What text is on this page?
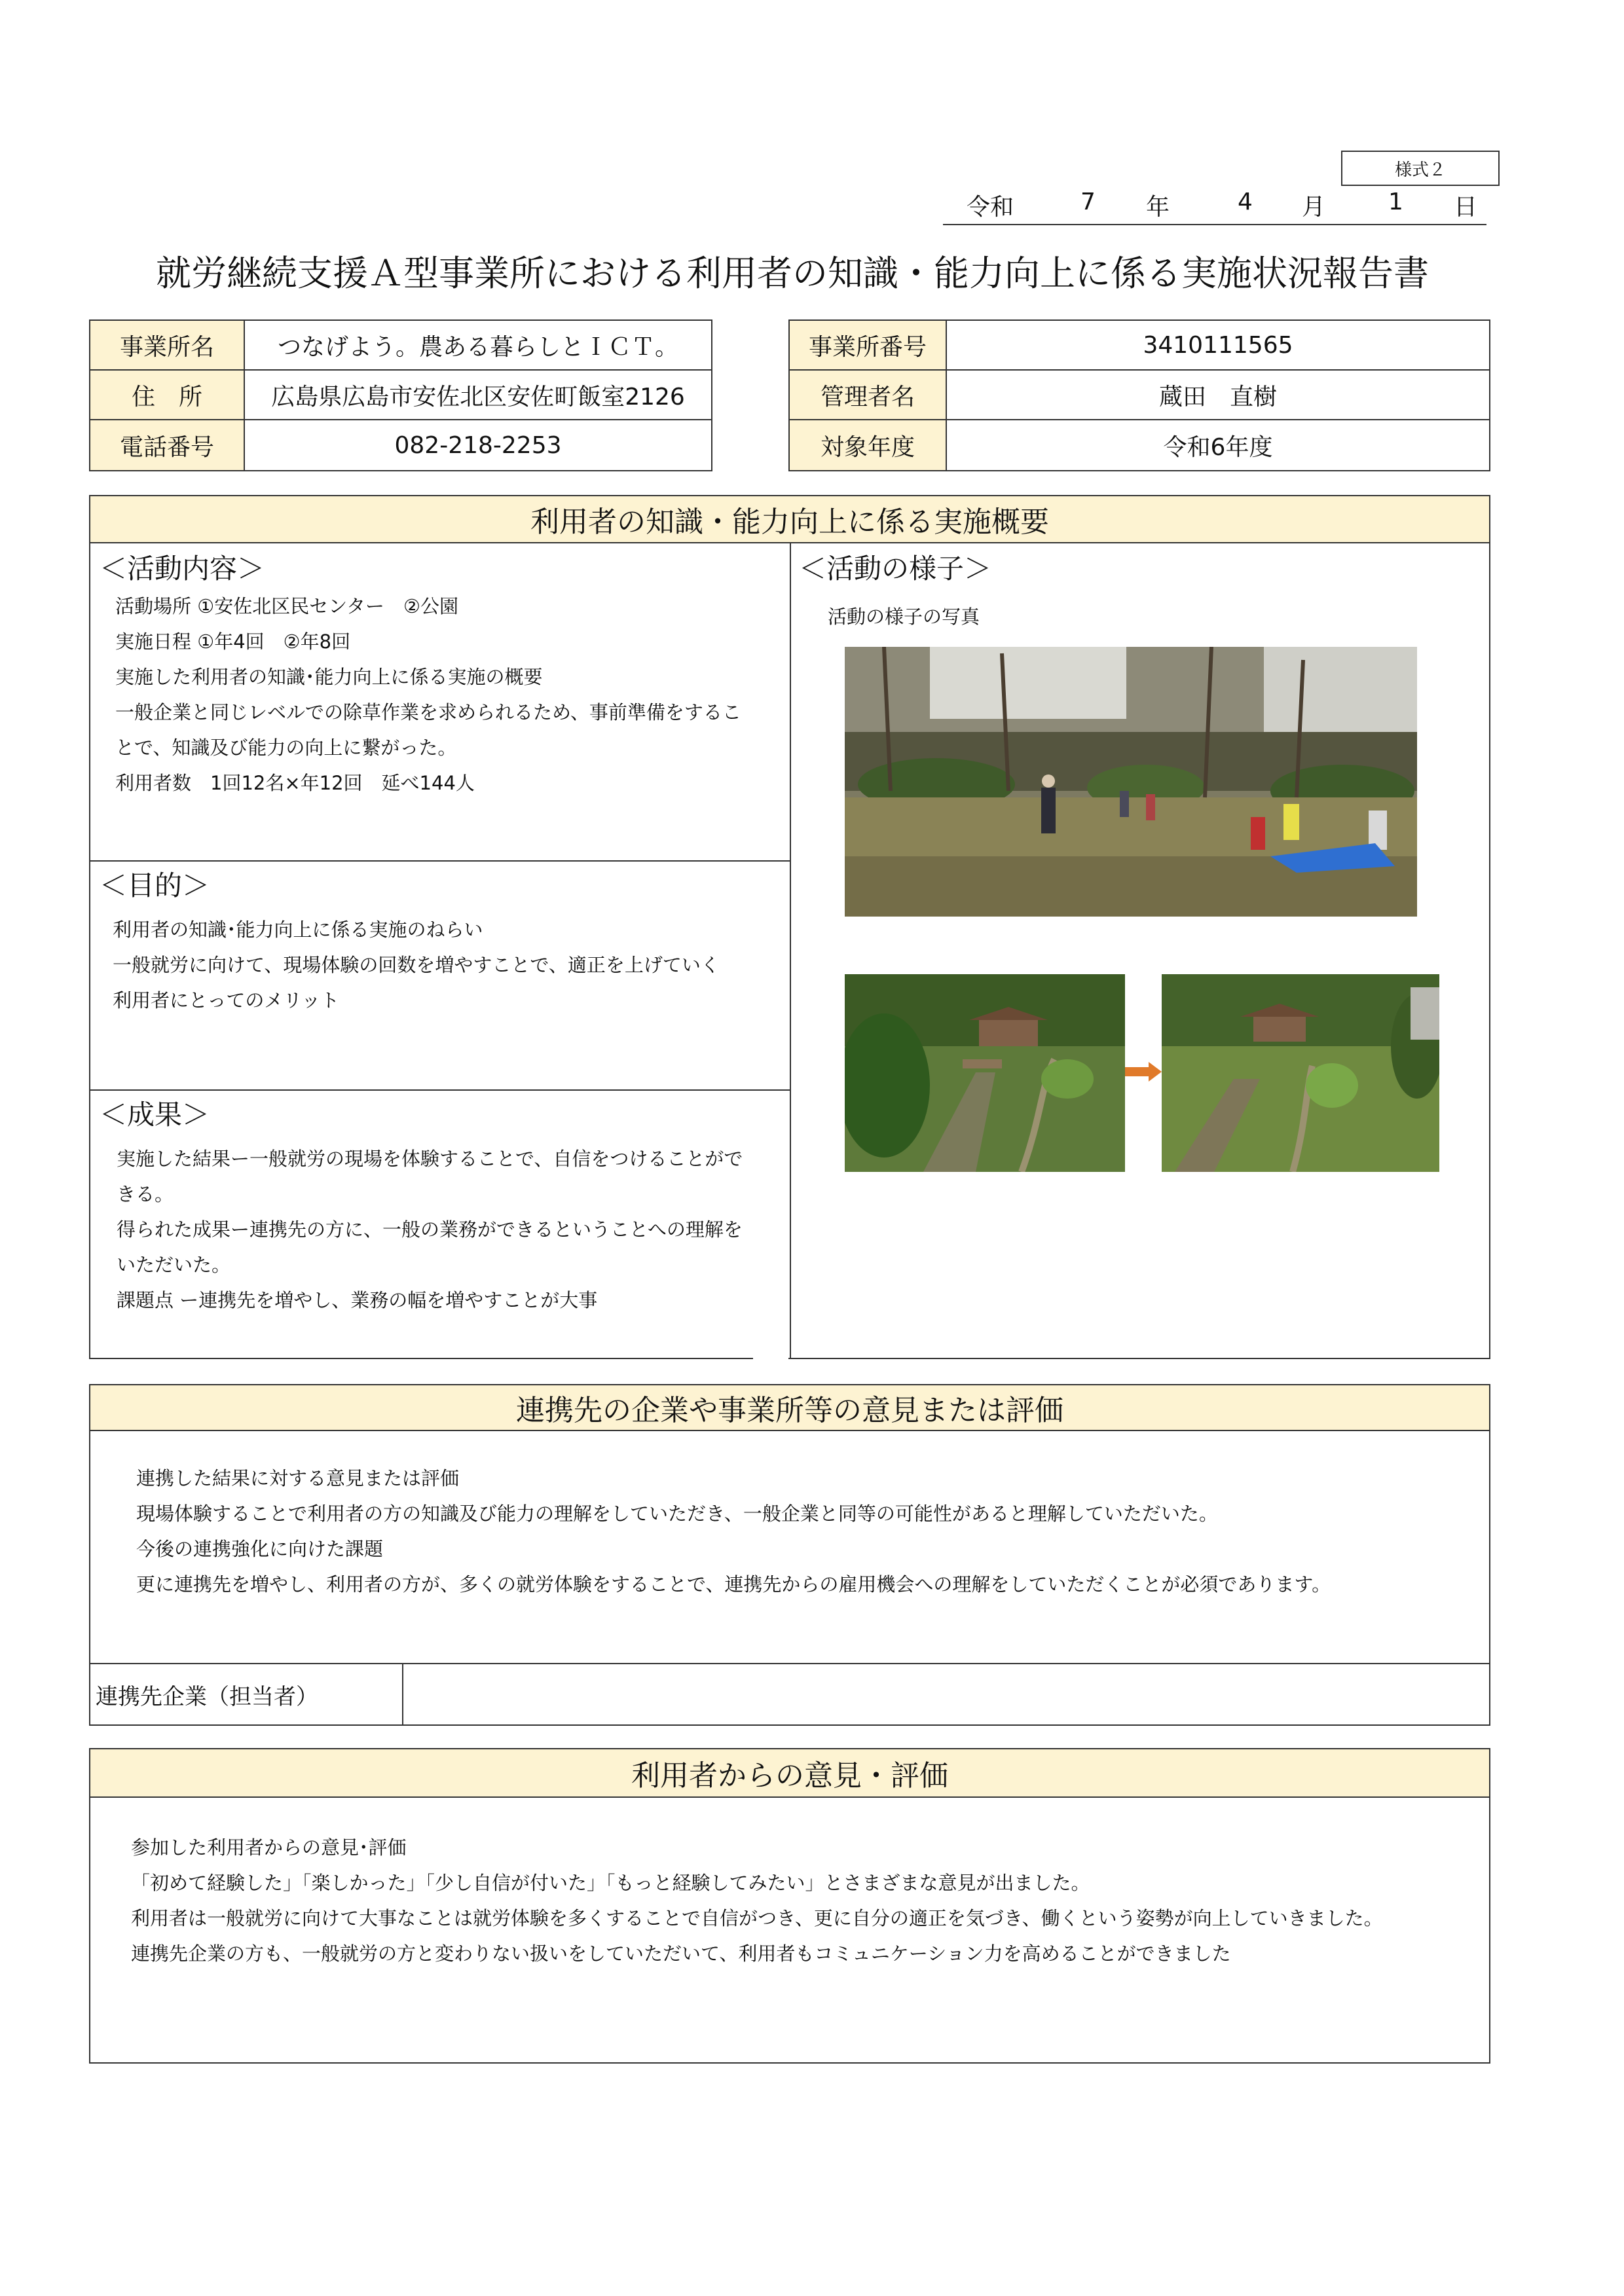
様式２
令和	7 年	4 月	1 日
就労継続支援Ａ型事業所における利用者の知識・能力向上に係る実施状況報告書
事業所名	つなげよう。農ある暮らしとＩＣＴ。
住　所	広島県広島市安佐北区安佐町飯室2126
電話番号	082-218-2253
事業所番号	3410111565
管理者名	蔵田　直樹
対象年度	令和6年度
利用者の知識・能力向上に係る実施概要
＜活動内容＞
活動場所 ①安佐北区民センター　②公園
実施日程 ①年4回　②年8回
実施した利用者の知識･能力向上に係る実施の概要
一般企業と同じレベルでの除草作業を求められるため、事前準備をするこ
とで、知識及び能力の向上に繋がった。
利用者数　1回12名×年12回　延べ144人
＜目的＞
利用者の知識･能力向上に係る実施のねらい
一般就労に向けて、現場体験の回数を増やすことで、適正を上げていく
利用者にとってのメリット
＜成果＞
実施した結果ー一般就労の現場を体験することで、自信をつけることがで
きる。
得られた成果ー連携先の方に、一般の業務ができるということへの理解を
いただいた。
課題点 ー連携先を増やし、業務の幅を増やすことが大事
＜活動の様子＞
活動の様子の写真
連携先の企業や事業所等の意見または評価
連携した結果に対する意見または評価
現場体験することで利用者の方の知識及び能力の理解をしていただき、一般企業と同等の可能性があると理解していただいた。
今後の連携強化に向けた課題
更に連携先を増やし、利用者の方が、多くの就労体験をすることで、連携先からの雇用機会への理解をしていただくことが必須であります。
連携先企業（担当者）
利用者からの意見・評価
参加した利用者からの意見･評価
「初めて経験した」「楽しかった」「少し自信が付いた」「もっと経験してみたい」とさまざまな意見が出ました。
利用者は一般就労に向けて大事なことは就労体験を多くすることで自信がつき、更に自分の適正を気づき、働くという姿勢が向上していきました。
連携先企業の方も、一般就労の方と変わりない扱いをしていただいて、利用者もコミュニケーション力を高めることができました
